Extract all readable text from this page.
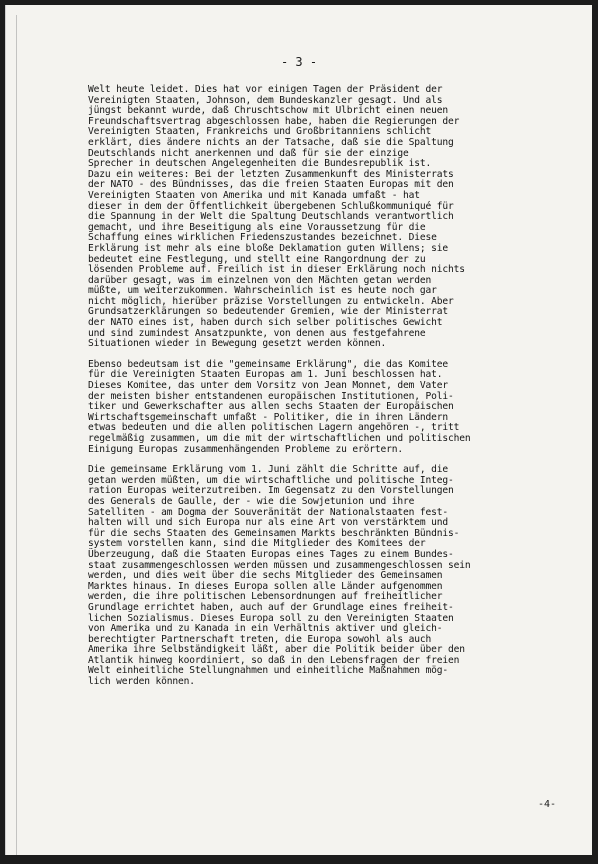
- 3 -
Welt heute leidet. Dies hat vor einigen Tagen der Präsident der
Vereinigten Staaten, Johnson, dem Bundeskanzler gesagt. Und als
jüngst bekannt wurde, daß Chruschtschow mit Ulbricht einen neuen
Freundschaftsvertrag abgeschlossen habe, haben die Regierungen der
Vereinigten Staaten, Frankreichs und Großbritanniens schlicht
erklärt, dies ändere nichts an der Tatsache, daß sie die Spaltung
Deutschlands nicht anerkennen und daß für sie der einzige
Sprecher in deutschen Angelegenheiten die Bundesrepublik ist.
Dazu ein weiteres: Bei der letzten Zusammenkunft des Ministerrats
der NATO - des Bündnisses, das die freien Staaten Europas mit den
Vereinigten Staaten von Amerika und mit Kanada umfaßt - hat
dieser in dem der Öffentlichkeit übergebenen Schlußkommuniqué für
die Spannung in der Welt die Spaltung Deutschlands verantwortlich
gemacht, und ihre Beseitigung als eine Voraussetzung für die
Schaffung eines wirklichen Friedenszustandes bezeichnet. Diese
Erklärung ist mehr als eine bloße Deklamation guten Willens; sie
bedeutet eine Festlegung, und stellt eine Rangordnung der zu
lösenden Probleme auf. Freilich ist in dieser Erklärung noch nichts
darüber gesagt, was im einzelnen von den Mächten getan werden
müßte, um weiterzukommen. Wahrscheinlich ist es heute noch gar
nicht möglich, hierüber präzise Vorstellungen zu entwickeln. Aber
Grundsatzerklärungen so bedeutender Gremien, wie der Ministerrat
der NATO eines ist, haben durch sich selber politisches Gewicht
und sind zumindest Ansatzpunkte, von denen aus festgefahrene
Situationen wieder in Bewegung gesetzt werden können.
Ebenso bedeutsam ist die "gemeinsame Erklärung", die das Komitee
für die Vereinigten Staaten Europas am 1. Juni beschlossen hat.
Dieses Komitee, das unter dem Vorsitz von Jean Monnet, dem Vater
der meisten bisher entstandenen europäischen Institutionen, Poli-
tiker und Gewerkschafter aus allen sechs Staaten der Europäischen
Wirtschaftsgemeinschaft umfaßt - Politiker, die in ihren Ländern
etwas bedeuten und die allen politischen Lagern angehören -, tritt
regelmäßig zusammen, um die mit der wirtschaftlichen und politischen
Einigung Europas zusammenhängenden Probleme zu erörtern.
Die gemeinsame Erklärung vom 1. Juni zählt die Schritte auf, die
getan werden müßten, um die wirtschaftliche und politische Integ-
ration Europas weiterzutreiben. Im Gegensatz zu den Vorstellungen
des Generals de Gaulle, der - wie die Sowjetunion und ihre
Satelliten - am Dogma der Souveränität der Nationalstaaten fest-
halten will und sich Europa nur als eine Art von verstärktem und
für die sechs Staaten des Gemeinsamen Markts beschränkten Bündnis-
system vorstellen kann, sind die Mitglieder des Komitees der
Überzeugung, daß die Staaten Europas eines Tages zu einem Bundes-
staat zusammengeschlossen werden müssen und zusammengeschlossen sein
werden, und dies weit über die sechs Mitglieder des Gemeinsamen
Marktes hinaus. In dieses Europa sollen alle Länder aufgenommen
werden, die ihre politischen Lebensordnungen auf freiheitlicher
Grundlage errichtet haben, auch auf der Grundlage eines freiheit-
lichen Sozialismus. Dieses Europa soll zu den Vereinigten Staaten
von Amerika und zu Kanada in ein Verhältnis aktiver und gleich-
berechtigter Partnerschaft treten, die Europa sowohl als auch
Amerika ihre Selbständigkeit läßt, aber die Politik beider über den
Atlantik hinweg koordiniert, so daß in den Lebensfragen der freien
Welt einheitliche Stellungnahmen und einheitliche Maßnahmen mög-
lich werden können.
-4-
